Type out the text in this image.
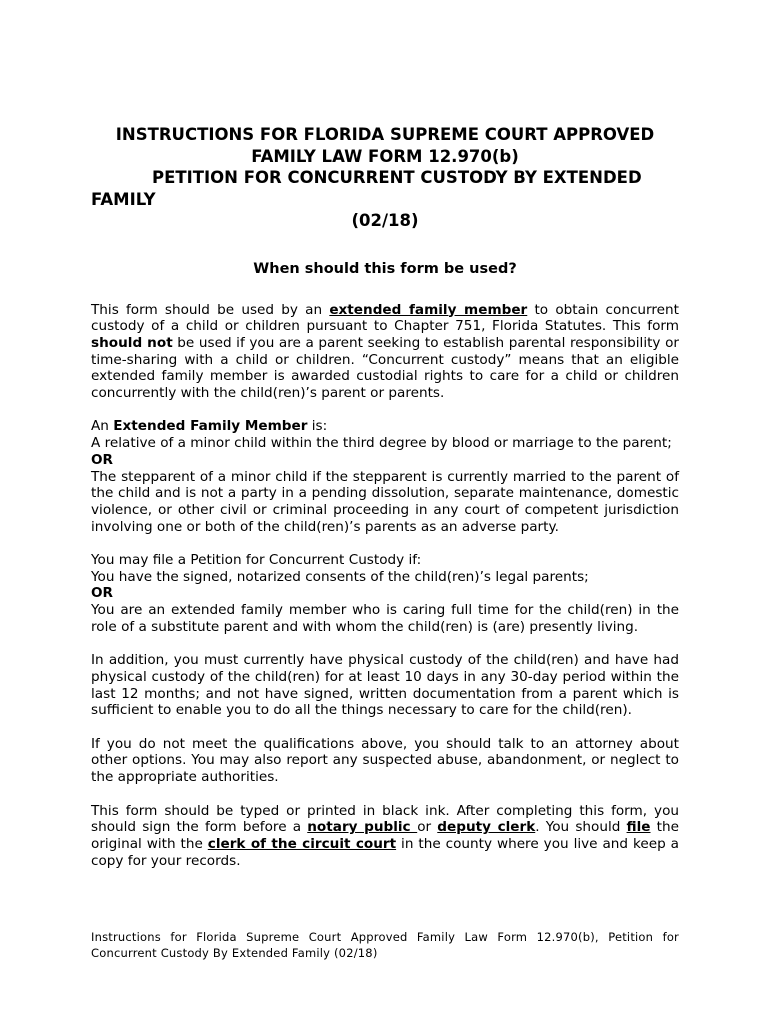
INSTRUCTIONS FOR FLORIDA SUPREME COURT APPROVED
FAMILY LAW FORM 12.970(b)
PETITION FOR CONCURRENT CUSTODY BY EXTENDED FAMILY
(02/18)
When should this form be used?

This form should be used by an extended family member to obtain concurrent custody of a child or children pursuant to Chapter 751, Florida Statutes. This form should not be used if you are a parent seeking to establish parental responsibility or time-sharing with a child or children. “Concurrent custody” means that an eligible extended family member is awarded custodial rights to care for a child or children concurrently with the child(ren)’s parent or parents.

An Extended Family Member is:
A relative of a minor child within the third degree by blood or marriage to the parent;
OR
The stepparent of a minor child if the stepparent is currently married to the parent of the child and is not a party in a pending dissolution, separate maintenance, domestic violence, or other civil or criminal proceeding in any court of competent jurisdiction involving one or both of the child(ren)’s parents as an adverse party.
You may file a Petition for Concurrent Custody if:
You have the signed, notarized consents of the child(ren)’s legal parents;
OR
You are an extended family member who is caring full time for the child(ren) in the role of a substitute parent and with whom the child(ren) is (are) presently living.

In addition, you must currently have physical custody of the child(ren) and have had physical custody of the child(ren) for at least 10 days in any 30-day period within the last 12 months; and not have signed, written documentation from a parent which is sufficient to enable you to do all the things necessary to care for the child(ren).

If you do not meet the qualifications above, you should talk to an attorney about other options. You may also report any suspected abuse, abandonment, or neglect to the appropriate authorities.

This form should be typed or printed in black ink. After completing this form, you should sign the form before a notary public or deputy clerk. You should file the original with the clerk of the circuit court in the county where you live and keep a copy for your records.

Instructions for Florida Supreme Court Approved Family Law Form 12.970(b), Petition for Concurrent Custody By Extended Family (02/18)
